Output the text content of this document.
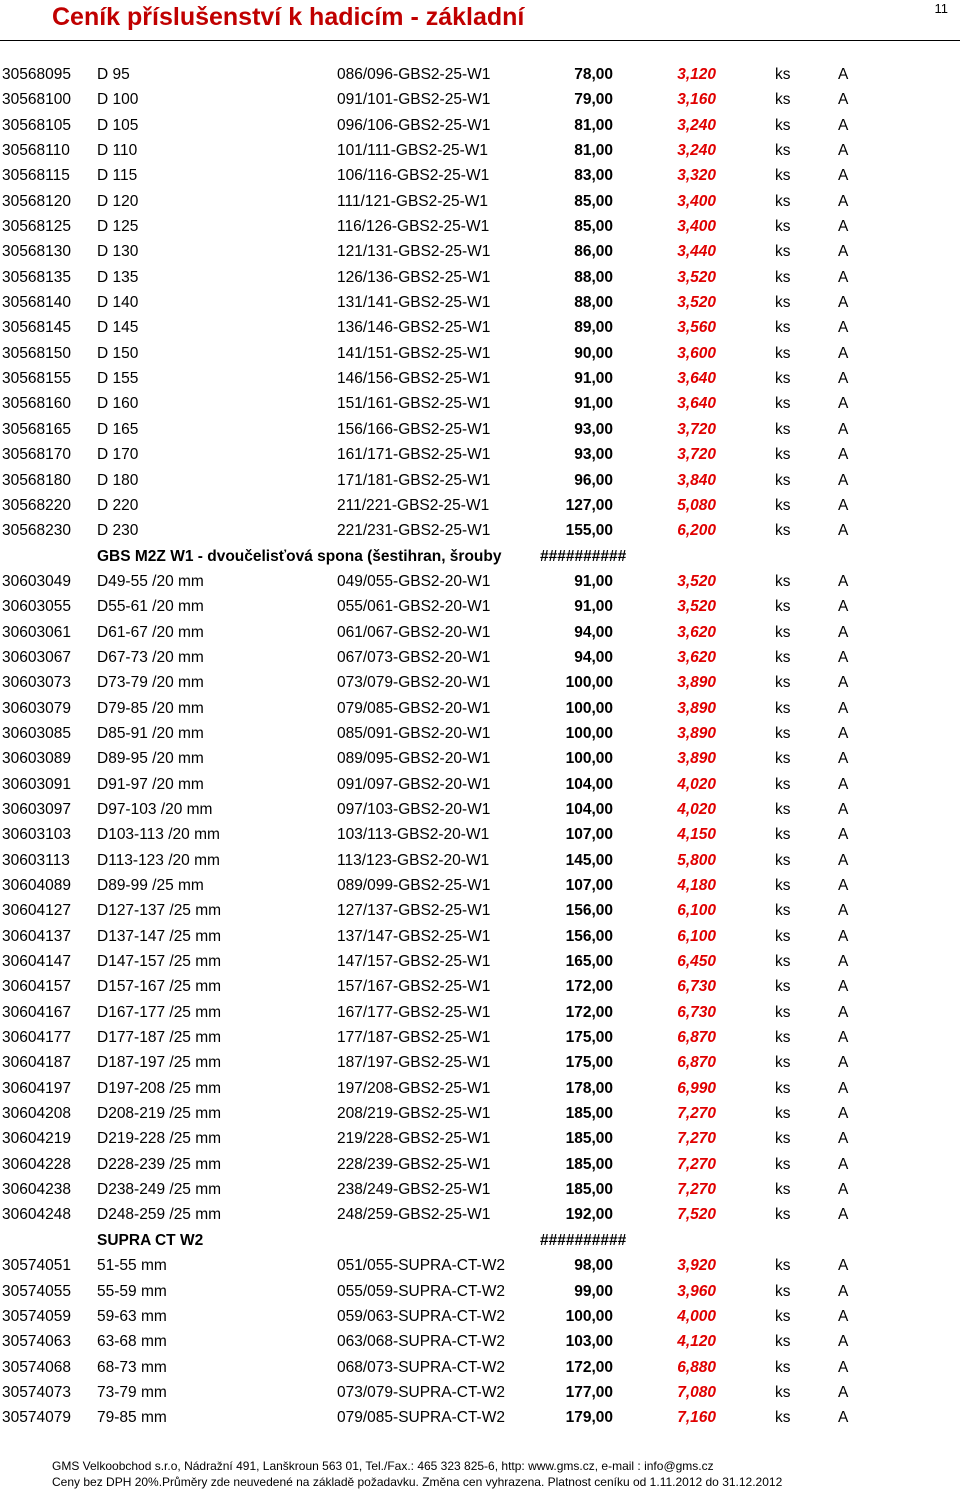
Ceník příslušenství k hadicím - základní	11
30568095 D 95	086/096-GBS2-25-W1	78,00	3,120	ks	A
30568100 D 100	091/101-GBS2-25-W1	79,00	3,160	ks	A
30568105 D 105	096/106-GBS2-25-W1	81,00	3,240	ks	A
30568110 D 110	101/111-GBS2-25-W1	81,00	3,240	ks	A
30568115 D 115	106/116-GBS2-25-W1	83,00	3,320	ks	A
30568120 D 120	111/121-GBS2-25-W1	85,00	3,400	ks	A
30568125 D 125	116/126-GBS2-25-W1	85,00	3,400	ks	A
30568130 D 130	121/131-GBS2-25-W1	86,00	3,440	ks	A
30568135 D 135	126/136-GBS2-25-W1	88,00	3,520	ks	A
30568140 D 140	131/141-GBS2-25-W1	88,00	3,520	ks	A
30568145 D 145	136/146-GBS2-25-W1	89,00	3,560	ks	A
30568150 D 150	141/151-GBS2-25-W1	90,00	3,600	ks	A
30568155 D 155	146/156-GBS2-25-W1	91,00	3,640	ks	A
30568160 D 160	151/161-GBS2-25-W1	91,00	3,640	ks	A
30568165 D 165	156/166-GBS2-25-W1	93,00	3,720	ks	A
30568170 D 170	161/171-GBS2-25-W1	93,00	3,720	ks	A
30568180 D 180	171/181-GBS2-25-W1	96,00	3,840	ks	A
30568220 D 220	211/221-GBS2-25-W1	127,00	5,080	ks	A
30568230 D 230	221/231-GBS2-25-W1	155,00	6,200	ks	A
GBS M2Z W1 - dvoučelisťová spona (šestihran, šrouby	##########
30603049 D49-55 /20 mm	049/055-GBS2-20-W1	91,00	3,520	ks	A
30603055 D55-61 /20 mm	055/061-GBS2-20-W1	91,00	3,520	ks	A
30603061 D61-67 /20 mm	061/067-GBS2-20-W1	94,00	3,620	ks	A
30603067 D67-73 /20 mm	067/073-GBS2-20-W1	94,00	3,620	ks	A
30603073 D73-79 /20 mm	073/079-GBS2-20-W1	100,00	3,890	ks	A
30603079 D79-85 /20 mm	079/085-GBS2-20-W1	100,00	3,890	ks	A
30603085 D85-91 /20 mm	085/091-GBS2-20-W1	100,00	3,890	ks	A
30603089 D89-95 /20 mm	089/095-GBS2-20-W1	100,00	3,890	ks	A
30603091 D91-97 /20 mm	091/097-GBS2-20-W1	104,00	4,020	ks	A
30603097 D97-103 /20 mm	097/103-GBS2-20-W1	104,00	4,020	ks	A
30603103 D103-113 /20 mm	103/113-GBS2-20-W1	107,00	4,150	ks	A
30603113 D113-123 /20 mm	113/123-GBS2-20-W1	145,00	5,800	ks	A
30604089 D89-99 /25 mm	089/099-GBS2-25-W1	107,00	4,180	ks	A
30604127 D127-137 /25 mm	127/137-GBS2-25-W1	156,00	6,100	ks	A
30604137 D137-147 /25 mm	137/147-GBS2-25-W1	156,00	6,100	ks	A
30604147 D147-157 /25 mm	147/157-GBS2-25-W1	165,00	6,450	ks	A
30604157 D157-167 /25 mm	157/167-GBS2-25-W1	172,00	6,730	ks	A
30604167 D167-177 /25 mm	167/177-GBS2-25-W1	172,00	6,730	ks	A
30604177 D177-187 /25 mm	177/187-GBS2-25-W1	175,00	6,870	ks	A
30604187 D187-197 /25 mm	187/197-GBS2-25-W1	175,00	6,870	ks	A
30604197 D197-208 /25 mm	197/208-GBS2-25-W1	178,00	6,990	ks	A
30604208 D208-219 /25 mm	208/219-GBS2-25-W1	185,00	7,270	ks	A
30604219 D219-228 /25 mm	219/228-GBS2-25-W1	185,00	7,270	ks	A
30604228 D228-239 /25 mm	228/239-GBS2-25-W1	185,00	7,270	ks	A
30604238 D238-249 /25 mm	238/249-GBS2-25-W1	185,00	7,270	ks	A
30604248 D248-259 /25 mm	248/259-GBS2-25-W1	192,00	7,520	ks	A
SUPRA CT W2	##########
30574051 51-55 mm	051/055-SUPRA-CT-W2	98,00	3,920	ks	A
30574055 55-59 mm	055/059-SUPRA-CT-W2	99,00	3,960	ks	A
30574059 59-63 mm	059/063-SUPRA-CT-W2	100,00	4,000	ks	A
30574063 63-68 mm	063/068-SUPRA-CT-W2	103,00	4,120	ks	A
30574068 68-73 mm	068/073-SUPRA-CT-W2	172,00	6,880	ks	A
30574073 73-79 mm	073/079-SUPRA-CT-W2	177,00	7,080	ks	A
30574079 79-85 mm	079/085-SUPRA-CT-W2	179,00	7,160	ks	A
GMS Velkoobchod s.r.o, Nádražní 491, Lanškroun 563 01, Tel./Fax.: 465 323 825-6, http: www.gms.cz, e-mail : info@gms.cz
Ceny bez DPH 20%.Průměry zde neuvedené na základě požadavku. Změna cen vyhrazena. Platnost ceníku od 1.11.2012 do 31.12.2012
